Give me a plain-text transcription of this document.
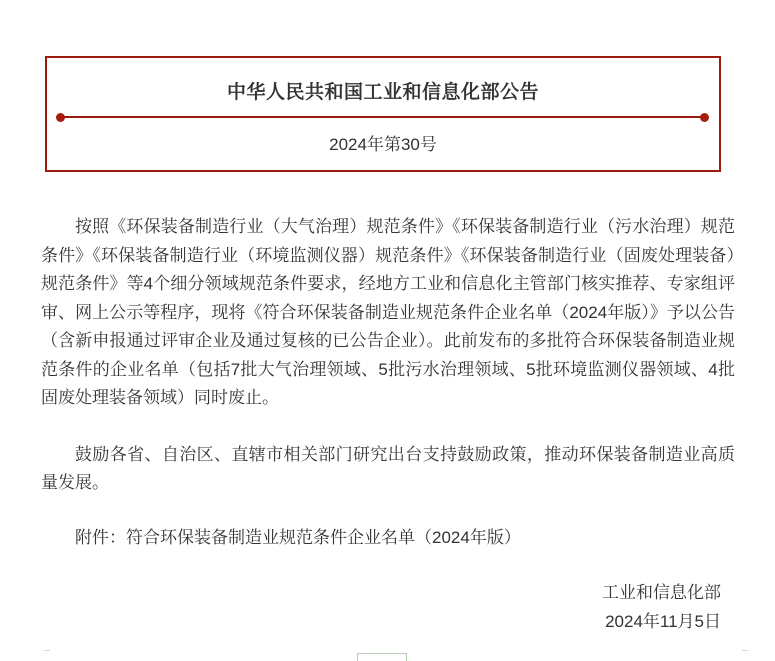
中华人民共和国工业和信息化部公告
2024年第30号

按照《环保装备制造行业（大气治理）规范条件》《环保装备制造行业（污水治理）规范条件》《环保装备制造行业（环境监测仪器）规范条件》《环保装备制造行业（固废处理装备）规范条件》等4个细分领域规范条件要求，经地方工业和信息化主管部门核实推荐、专家组评审、网上公示等程序，现将《符合环保装备制造业规范条件企业名单（2024年版）》予以公告（含新申报通过评审企业及通过复核的已公告企业）。此前发布的多批符合环保装备制造业规范条件的企业名单（包括7批大气治理领域、5批污水治理领域、5批环境监测仪器领域、4批固废处理装备领域）同时废止。

鼓励各省、自治区、直辖市相关部门研究出台支持鼓励政策，推动环保装备制造业高质量发展。

附件：符合环保装备制造业规范条件企业名单（2024年版）
工业和信息化部
2024年11月5日
